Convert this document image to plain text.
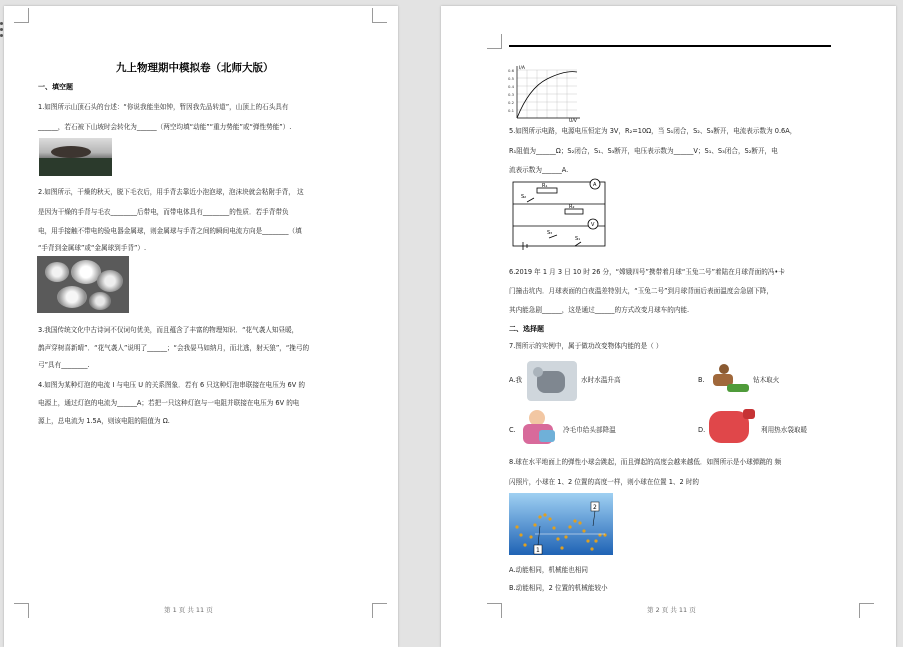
九上物理期中模拟卷（北师大版）
一、填空题
1.如图所示山顶石头的台述：“你说我能坐如钟，暂因我先品转道”，山顶上的石头具有
______，若石被下山坡时会转化为______（两空均填“动能”“重力势能”或“弹性势能”）.
2.如图所示，干燥的秋天，脱下毛衣后，用手背去靠近小泡泡球，泡沫块就会粘附手背， 这
是因为干燥的手背与毛衣________后带电，而带电体具有________的性质．若手背带负
电，用手接触不带电的验电器金属球，则金属球与手背之间的瞬间电流方向是________（填
“手背到金属球”或“金属球到手背”）.
3.我国传统文化中古诗词不仅词句优美，而且蕴含了丰富的物理知识．“花气袭人知昼暖，
鹊声穿树喜新晴”．“花气袭人”说明了______；“会我晏马如纳月，而北逃，射天狼”，“挽弓的
弓”具有________.
4.如图为某种灯泡的电流 I 与电压 U 的关系图象．若有 6 只这种灯泡串联接在电压为 6V 的
电源上，通过灯泡的电流为______A；若把一只这种灯泡与一电阻并联接在电压为 6V 的电
源上，总电流为 1.5A，则该电阻的阻值为 Ω.
第 1 页 共 11 页
I/A
U/V
0.6
0.5
0.4
0.3
0.2
0.1
5.如图所示电路，电源电压恒定为 3V，R₂=10Ω，当 S₁闭合，S₂、S₃断开，电流表示数为 0.6A，
R₁阻值为______Ω；S₂闭合，S₁、S₃断开，电压表示数为______V；S₁、S₃闭合，S₂断开，电
流表示数为______A.
A
R₁
S₂
R₂
V
S₃
S₁
6.2019 年 1 月 3 日 10 时 26 分，“嫦娥四号”携带着月球“玉兔二号”着陆在月球背面的冯•卡
门撞击坑内．月球表面的白夜温差特别大，“玉兔二号”到月球背面后表面温度会急剧下降，
其内能急剧______，这是通过______的方式改变月球车的内能.
二、选择题
7.图所示的实例中，属于做功改变物体内能的是（ ）
A.我	水时水温升高	B.	钻木取火
C.	冷毛巾给头部降温	D.	利用热水袋取暖
8.球在水平地面上的弹性小球会跳起，而且弹起的高度会越来越低．如图所示是小球弹跳的 频
闪照片，小球在 1、2 位置的高度一样，则小球在位置 1、2 时的
1
2
A.动能相同，机械能也相同
B.动能相同，2 位置的机械能较小
第 2 页 共 11 页
